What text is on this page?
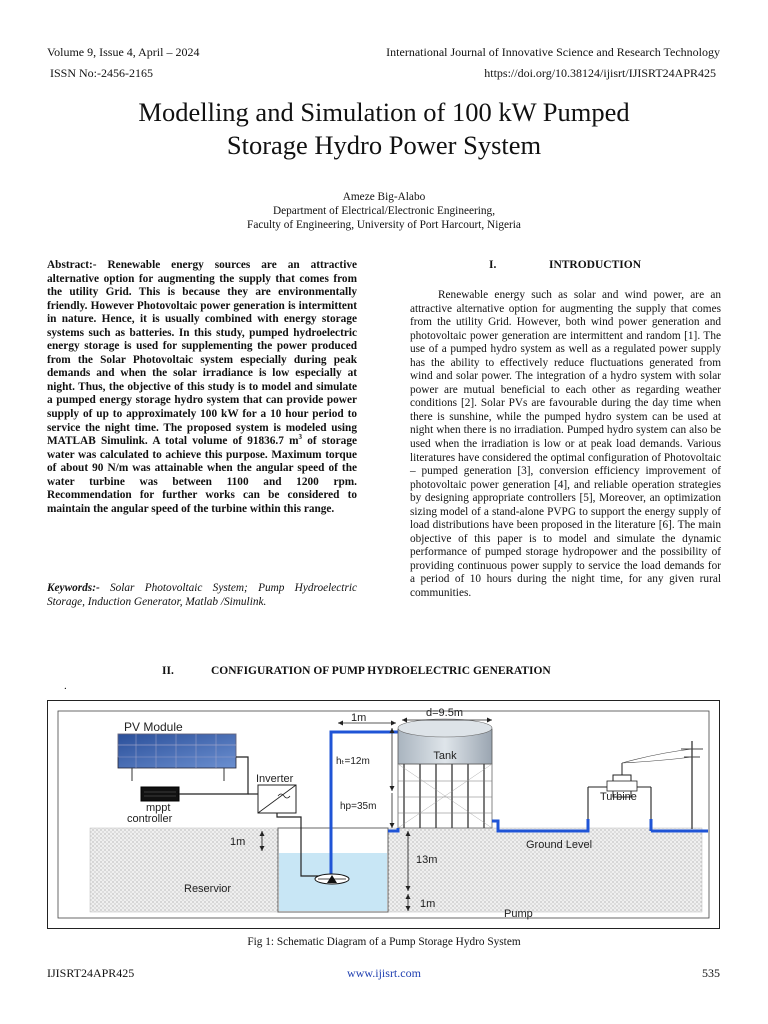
Volume 9, Issue 4, April – 2024
ISSN No:-2456-2165
International Journal of Innovative Science and Research Technology
https://doi.org/10.38124/ijisrt/IJISRT24APR425
Modelling and Simulation of 100 kW Pumped
Storage Hydro Power System
Ameze Big-Alabo
Department of Electrical/Electronic Engineering,
Faculty of Engineering, University of Port Harcourt, Nigeria
Abstract:- Renewable energy sources are an attractive alternative option for augmenting the supply that comes from the utility Grid. This is because they are environmentally friendly. However Photovoltaic power generation is intermittent in nature. Hence, it is usually combined with energy storage systems such as batteries. In this study, pumped hydroelectric energy storage is used for supplementing the power produced from the Solar Photovoltaic system especially during peak demands and when the solar irradiance is low especially at night. Thus, the objective of this study is to model and simulate a pumped energy storage hydro system that can provide power supply of up to approximately 100 kW for a 10 hour period to service the night time. The proposed system is modeled using MATLAB Simulink. A total volume of 91836.7 $m^3$ of storage water was calculated to achieve this purpose. Maximum torque of about 90 N/m was attainable when the angular speed of the water turbine was between 1100 and 1200 rpm. Recommendation for further works can be considered to maintain the angular speed of the turbine within this range.
Keywords:- Solar Photovoltaic System; Pump Hydroelectric Storage, Induction Generator, Matlab /Simulink.
I.	INTRODUCTION
Renewable energy such as solar and wind power, are an attractive alternative option for augmenting the supply that comes from the utility Grid. However, both wind power generation and photovoltaic power generation are intermittent and random [1]. The use of a pumped hydro system as well as a regulated power supply has the ability to effectively reduce fluctuations generated from wind and solar power. The integration of a hydro system with solar power are mutual beneficial to each other as regarding weather conditions [2]. Solar PVs are favourable during the day time when there is sunshine, while the pumped hydro system can be used at night when there is no irradiation. Pumped hydro system can also be used when the irradiation is low or at peak load demands. Various literatures have considered the optimal configuration of Photovoltaic – pumped generation [3], conversion efficiency improvement of photovoltaic power generation [4], and reliable operation strategies by designing appropriate controllers [5], Moreover, an optimization sizing model of a stand-alone PVPG to support the energy supply of load distributions have been proposed in the literature [6]. The main objective of this paper is to model and simulate the dynamic performance of pumped storage hydropower and the possibility of providing continuous power supply to service the load demands for a period of 10 hours during the night time, for any given rural communities.
II.	CONFIGURATION OF PUMP HYDROELECTRIC GENERATION
.
PV Module
mppt
controller
Inverter
Tank
Turbine
1m	d=9.5m
hₜ=12m
hp=35m
Ground Level
1m
13m
1m
Reservior
Pump
Fig 1: Schematic Diagram of a Pump Storage Hydro System
IJISRT24APR425	www.ijisrt.com	535
